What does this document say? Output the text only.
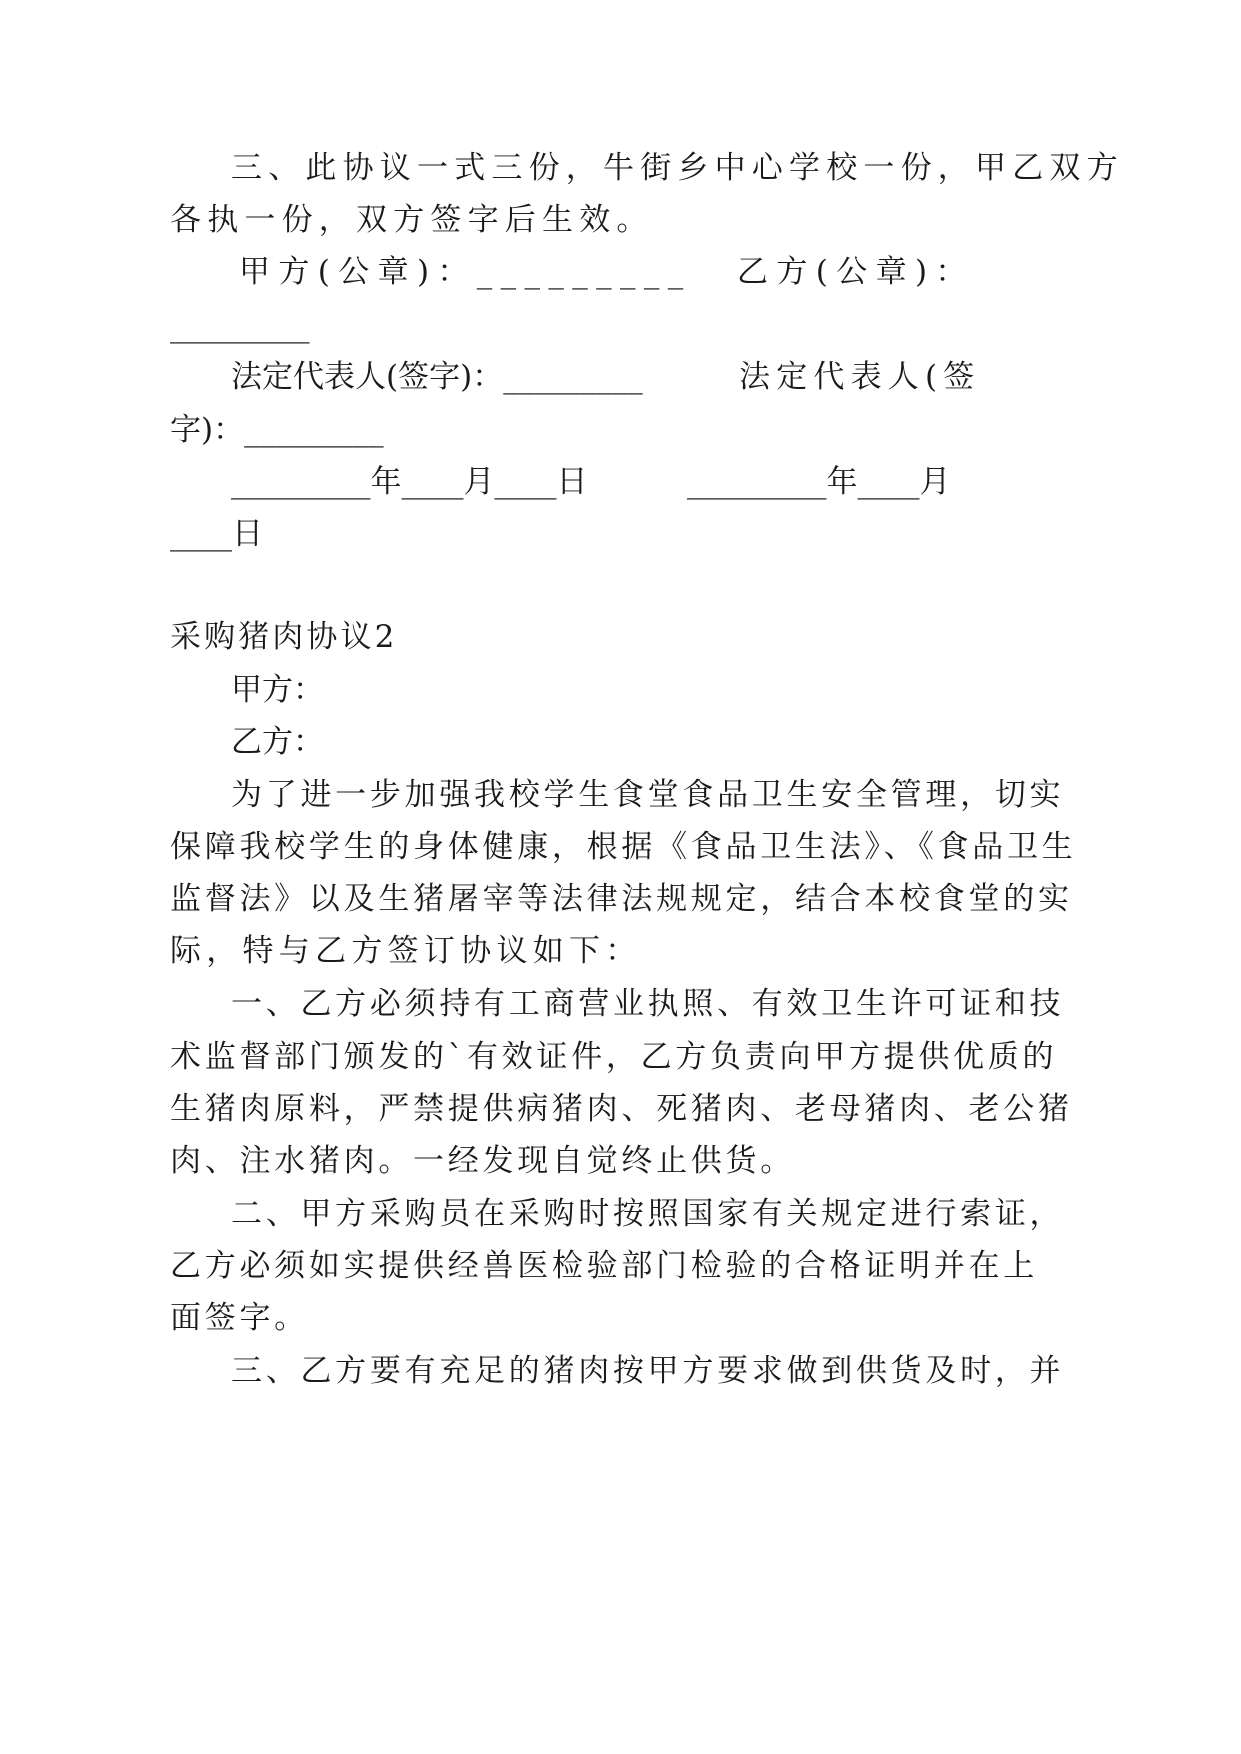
三、此协议一式三份，牛街乡中心学校一份，甲乙双方
各执一份，双方签字后生效。
甲方(公章)：_________ 乙方(公章)：
_________
法定代表人(签字)：_________	法定代表人(签
字)：_________
_________年____月____日	_________年____月
____日
采购猪肉协议2
甲方：
乙方：
为了进一步加强我校学生食堂食品卫生安全管理，切实
保障我校学生的身体健康，根据《食品卫生法》、《食品卫生
监督法》以及生猪屠宰等法律法规规定，结合本校食堂的实
际，特与乙方签订协议如下：
一、乙方必须持有工商营业执照、有效卫生许可证和技
术监督部门颁发的`有效证件，乙方负责向甲方提供优质的
生猪肉原料，严禁提供病猪肉、死猪肉、老母猪肉、老公猪
肉、注水猪肉。一经发现自觉终止供货。
二、甲方采购员在采购时按照国家有关规定进行索证，
乙方必须如实提供经兽医检验部门检验的合格证明并在上
面签字。
三、乙方要有充足的猪肉按甲方要求做到供货及时，并
